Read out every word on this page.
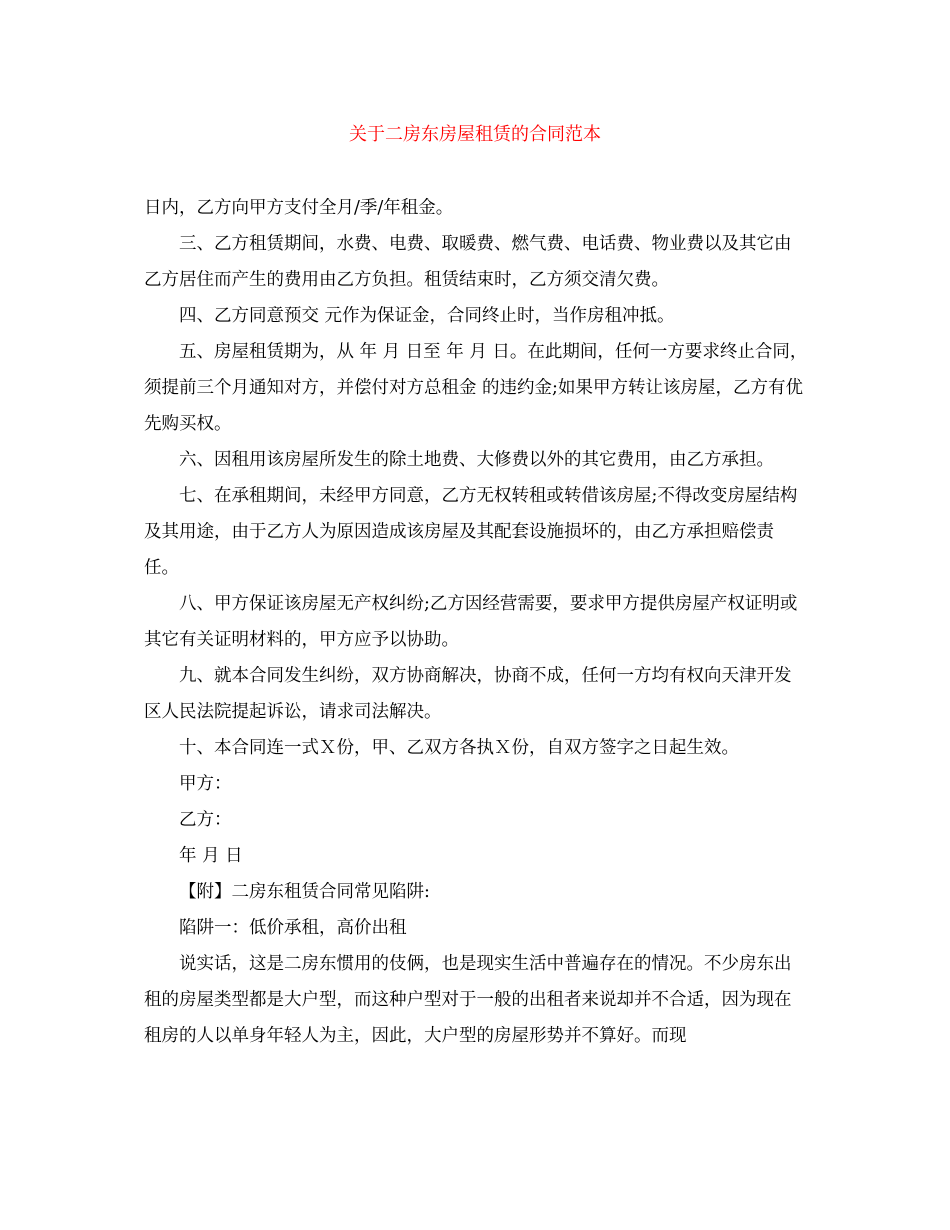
关于二房东房屋租赁的合同范本

日内，乙方向甲方支付全月/季/年租金。

三、乙方租赁期间，水费、电费、取暖费、燃气费、电话费、物业费以及其它由乙方居住而产生的费用由乙方负担。租赁结束时，乙方须交清欠费。

四、乙方同意预交 元作为保证金，合同终止时，当作房租冲抵。

五、房屋租赁期为，从 年 月 日至 年 月 日。在此期间，任何一方要求终止合同，须提前三个月通知对方，并偿付对方总租金 的违约金;如果甲方转让该房屋，乙方有优先购买权。

六、因租用该房屋所发生的除土地费、大修费以外的其它费用，由乙方承担。

七、在承租期间，未经甲方同意，乙方无权转租或转借该房屋;不得改变房屋结构及其用途，由于乙方人为原因造成该房屋及其配套设施损坏的，由乙方承担赔偿责任。

八、甲方保证该房屋无产权纠纷;乙方因经营需要，要求甲方提供房屋产权证明或其它有关证明材料的，甲方应予以协助。

九、就本合同发生纠纷，双方协商解决，协商不成，任何一方均有权向天津开发区人民法院提起诉讼，请求司法解决。

十、本合同连一式Ｘ份，甲、乙双方各执Ｘ份，自双方签字之日起生效。

甲方：

乙方：

年 月 日

【附】二房东租赁合同常见陷阱:

陷阱一：低价承租，高价出租

说实话，这是二房东惯用的伎俩，也是现实生活中普遍存在的情况。不少房东出租的房屋类型都是大户型，而这种户型对于一般的出租者来说却并不合适，因为现在租房的人以单身年轻人为主，因此，大户型的房屋形势并不算好。而现
